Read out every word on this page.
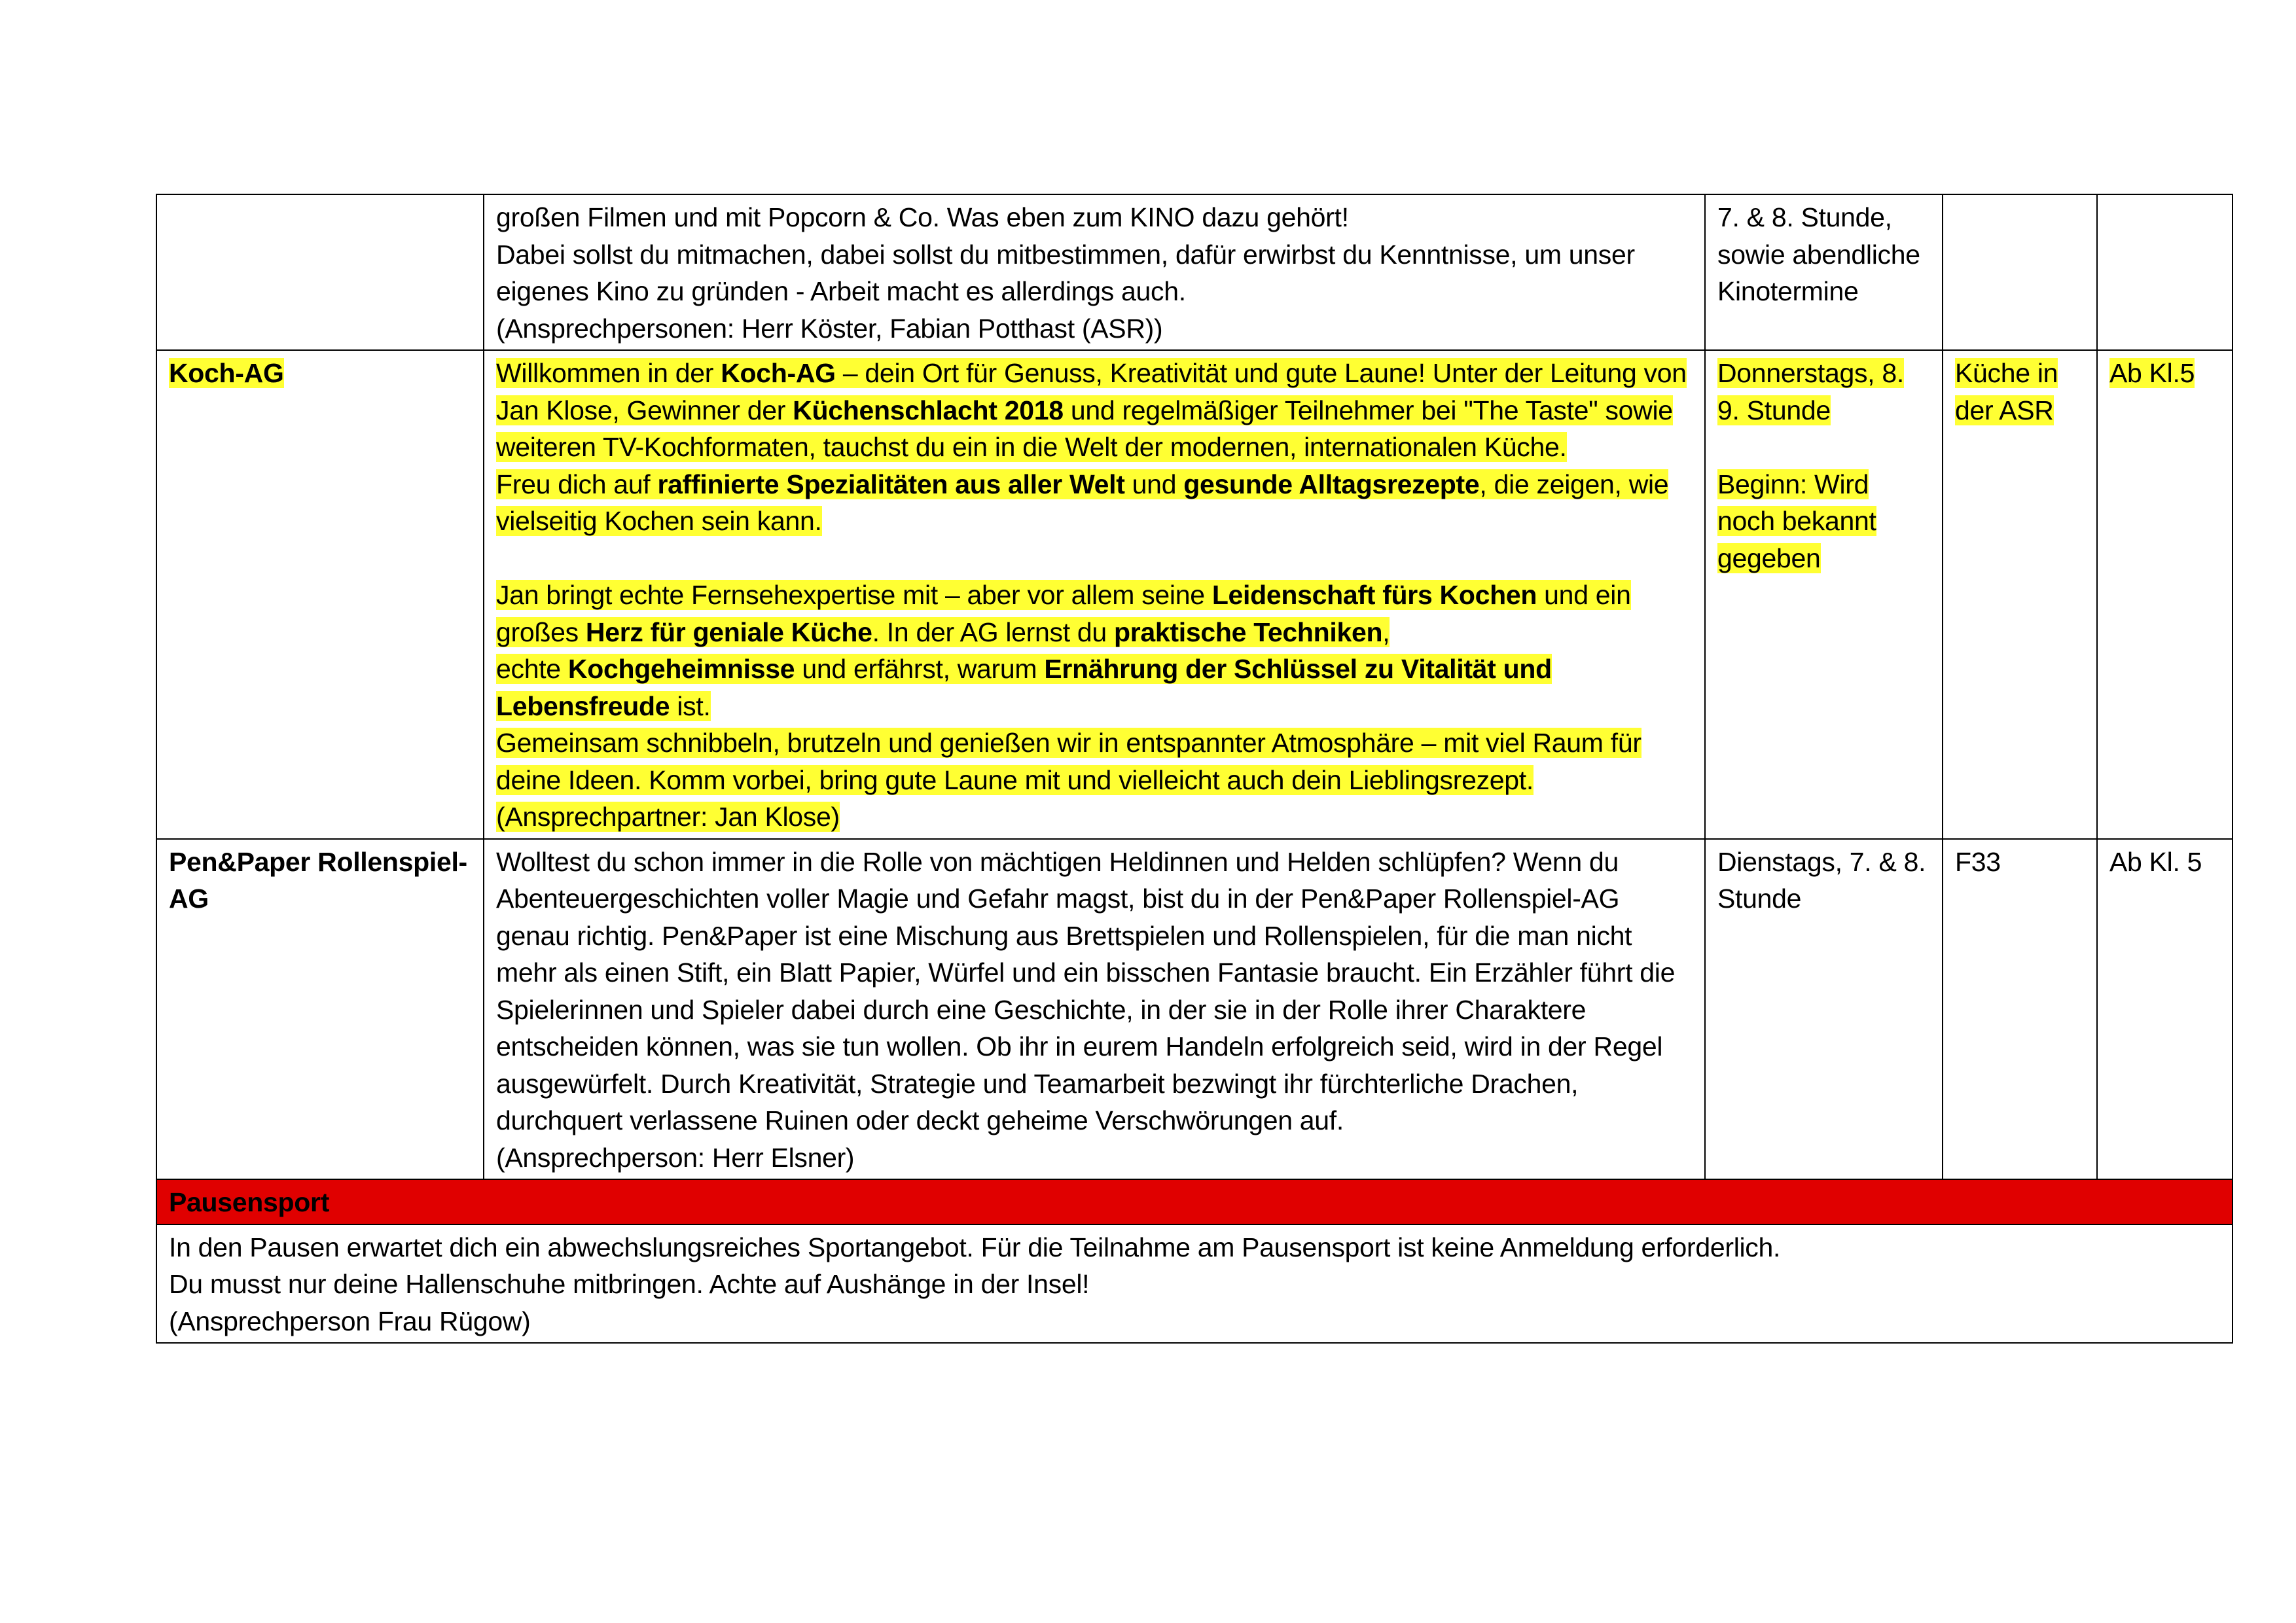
	großen Filmen und mit Popcorn & Co. Was eben zum KINO dazu gehört!
Dabei sollst du mitmachen, dabei sollst du mitbestimmen, dafür erwirbst du Kenntnisse, um unser eigenes Kino zu gründen - Arbeit macht es allerdings auch.
(Ansprechpersonen: Herr Köster, Fabian Potthast (ASR))	7. & 8. Stunde, sowie abendliche Kinotermine		
Koch-AG	Willkommen in der Koch-AG – dein Ort für Genuss, Kreativität und gute Laune! Unter der Leitung von Jan Klose, Gewinner der Küchenschlacht 2018 und regelmäßiger Teilnehmer bei "The Taste" sowie weiteren TV-Kochformaten, tauchst du ein in die Welt der modernen, internationalen Küche.
Freu dich auf raffinierte Spezialitäten aus aller Welt und gesunde Alltagsrezepte, die zeigen, wie vielseitig Kochen sein kann.
Jan bringt echte Fernsehexpertise mit – aber vor allem seine Leidenschaft fürs Kochen und ein großes Herz für geniale Küche. In der AG lernst du praktische Techniken,
echte Kochgeheimnisse und erfährst, warum Ernährung der Schlüssel zu Vitalität und Lebensfreude ist.
Gemeinsam schnibbeln, brutzeln und genießen wir in entspannter Atmosphäre – mit viel Raum für deine Ideen. Komm vorbei, bring gute Laune mit und vielleicht auch dein Lieblingsrezept. (Ansprechpartner: Jan Klose)	Donnerstags, 8. 9. Stunde
Beginn: Wird noch bekannt gegeben	Küche in der ASR	Ab Kl.5
Pen&Paper Rollenspiel-AG	Wolltest du schon immer in die Rolle von mächtigen Heldinnen und Helden schlüpfen? Wenn du Abenteuergeschichten voller Magie und Gefahr magst, bist du in der Pen&Paper Rollenspiel-AG genau richtig. Pen&Paper ist eine Mischung aus Brettspielen und Rollenspielen, für die man nicht mehr als einen Stift, ein Blatt Papier, Würfel und ein bisschen Fantasie braucht. Ein Erzähler führt die Spielerinnen und Spieler dabei durch eine Geschichte, in der sie in der Rolle ihrer Charaktere entscheiden können, was sie tun wollen. Ob ihr in eurem Handeln erfolgreich seid, wird in der Regel ausgewürfelt. Durch Kreativität, Strategie und Teamarbeit bezwingt ihr fürchterliche Drachen, durchquert verlassene Ruinen oder deckt geheime Verschwörungen auf.
(Ansprechperson: Herr Elsner)	Dienstags, 7. & 8. Stunde	F33	Ab Kl. 5
Pausensport				

In den Pausen erwartet dich ein abwechslungsreiches Sportangebot. Für die Teilnahme am Pausensport ist keine Anmeldung erforderlich.
Du musst nur deine Hallenschuhe mitbringen. Achte auf Aushänge in der Insel!
(Ansprechperson Frau Rügow)				
